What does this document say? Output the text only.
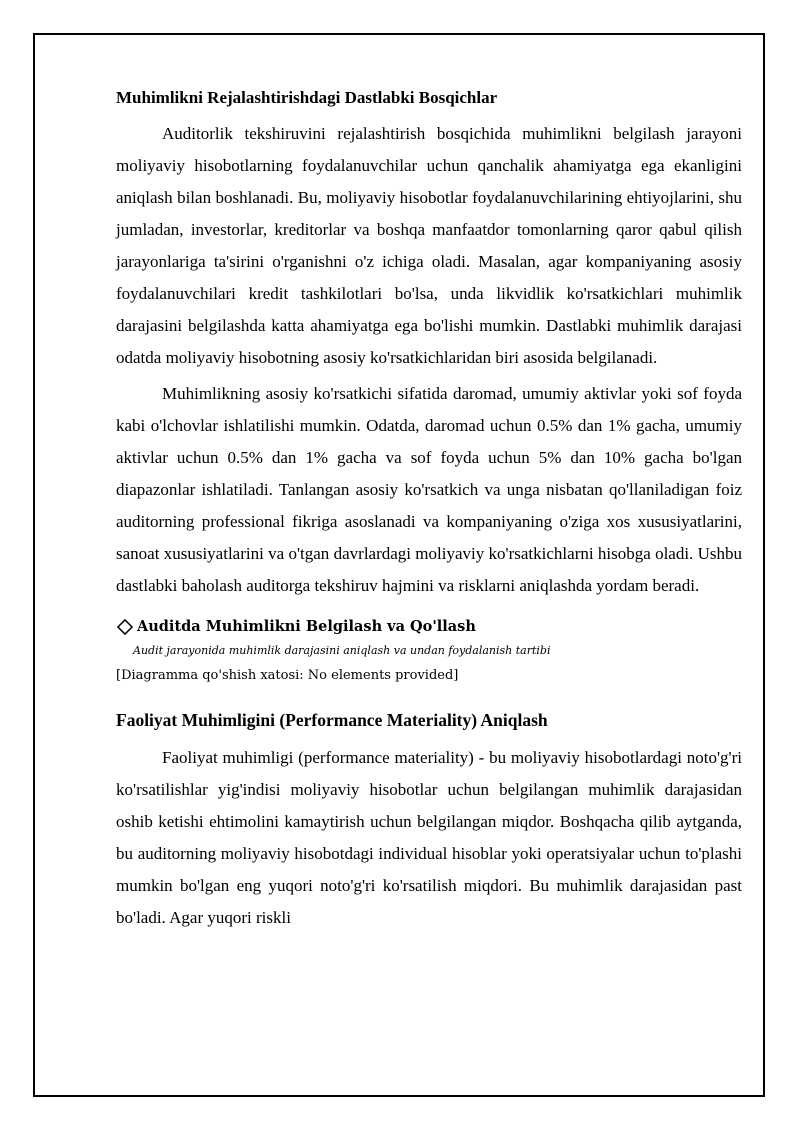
Muhimlikni Rejalashtirishdagi Dastlabki Bosqichlar

Auditorlik tekshiruvini rejalashtirish bosqichida muhimlikni belgilash jarayoni moliyaviy hisobotlarning foydalanuvchilar uchun qanchalik ahamiyatga ega ekanligini aniqlash bilan boshlanadi. Bu, moliyaviy hisobotlar foydalanuvchilarining ehtiyojlarini, shu jumladan, investorlar, kreditorlar va boshqa manfaatdor tomonlarning qaror qabul qilish jarayonlariga ta'sirini o'rganishni o'z ichiga oladi. Masalan, agar kompaniyaning asosiy foydalanuvchilari kredit tashkilotlari bo'lsa, unda likvidlik ko'rsatkichlari muhimlik darajasini belgilashda katta ahamiyatga ega bo'lishi mumkin. Dastlabki muhimlik darajasi odatda moliyaviy hisobotning asosiy ko'rsatkichlaridan biri asosida belgilanadi.

Muhimlikning asosiy ko'rsatkichi sifatida daromad, umumiy aktivlar yoki sof foyda kabi o'lchovlar ishlatilishi mumkin. Odatda, daromad uchun 0.5% dan 1% gacha, umumiy aktivlar uchun 0.5% dan 1% gacha va sof foyda uchun 5% dan 10% gacha bo'lgan diapazonlar ishlatiladi. Tanlangan asosiy ko'rsatkich va unga nisbatan qo'llaniladigan foiz auditorning professional fikriga asoslanadi va kompaniyaning o'ziga xos xususiyatlarini, sanoat xususiyatlarini va o'tgan davrlardagi moliyaviy ko'rsatkichlarni hisobga oladi. Ushbu dastlabki baholash auditorga tekshiruv hajmini va risklarni aniqlashda yordam beradi.

Auditda Muhimlikni Belgilash va Qo'llash
Audit jarayonida muhimlik darajasini aniqlash va undan foydalanish tartibi
[Diagramma qo'shish xatosi: No elements provided]
Faoliyat Muhimligini (Performance Materiality) Aniqlash

Faoliyat muhimligi (performance materiality) - bu moliyaviy hisobotlardagi noto'g'ri ko'rsatilishlar yig'indisi moliyaviy hisobotlar uchun belgilangan muhimlik darajasidan oshib ketishi ehtimolini kamaytirish uchun belgilangan miqdor. Boshqacha qilib aytganda, bu auditorning moliyaviy hisobotdagi individual hisoblar yoki operatsiyalar uchun to'plashi mumkin bo'lgan eng yuqori noto'g'ri ko'rsatilish miqdori. Bu muhimlik darajasidan past bo'ladi. Agar yuqori riskli
